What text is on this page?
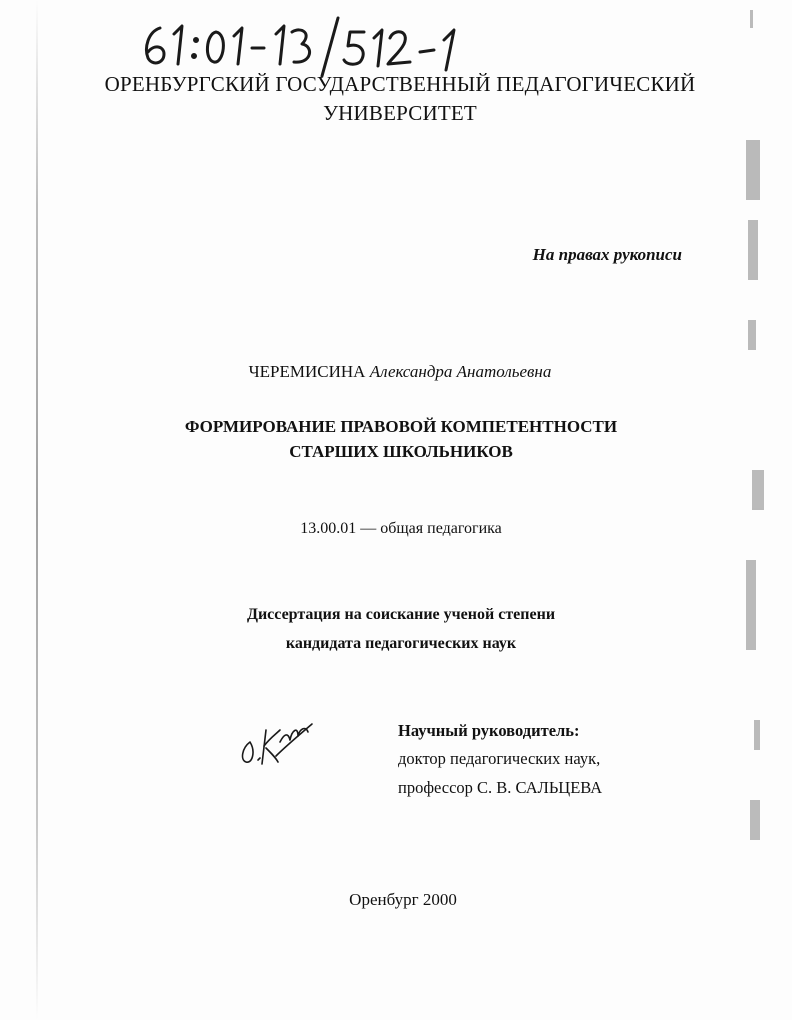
ОРЕНБУРГСКИЙ ГОСУДАРСТВЕННЫЙ ПЕДАГОГИЧЕСКИЙ
УНИВЕРСИТЕТ
На правах рукописи
ЧЕРЕМИСИНА Александра Анатольевна
ФОРМИРОВАНИЕ ПРАВОВОЙ КОМПЕТЕНТНОСТИ
СТАРШИХ ШКОЛЬНИКОВ
13.00.01 — общая педагогика
Диссертация на соискание ученой степени
кандидата педагогических наук
Научный руководитель:
доктор педагогических наук,
профессор С. В. САЛЬЦЕВА
Оренбург 2000
